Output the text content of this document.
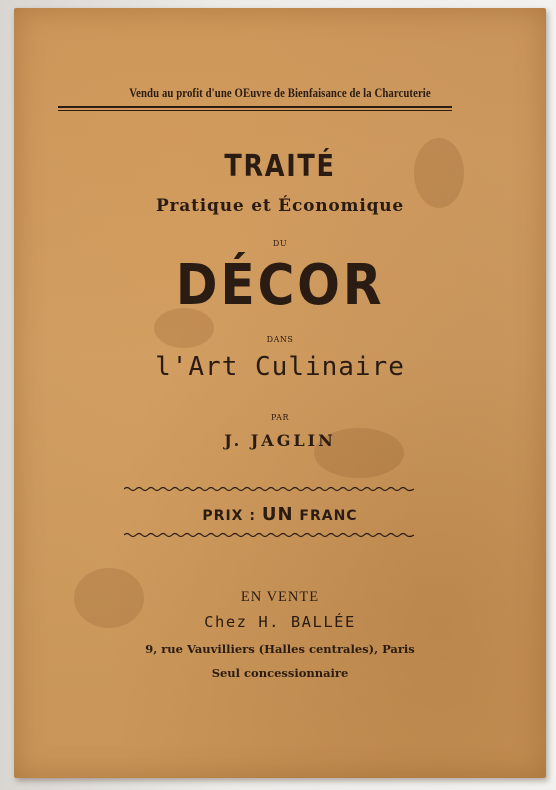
Vendu au profit d'une OEuvre de Bienfaisance de la Charcuterie
TRAITÉ
Pratique et Économique
DU
DÉCOR
DANS
l'Art Culinaire
PAR
J. JAGLIN
PRIX : UN FRANC
EN VENTE
Chez H. BALLÉE
9, rue Vauvilliers (Halles centrales), Paris
Seul concessionnaire
